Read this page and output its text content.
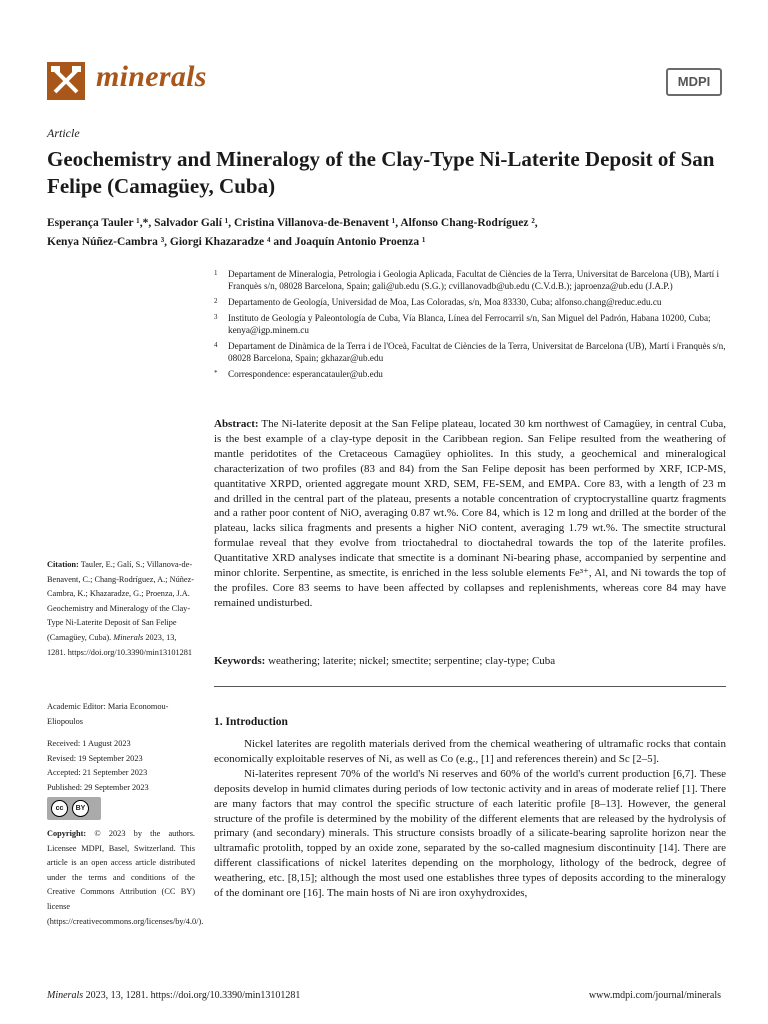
minerals	MDPI
Article
Geochemistry and Mineralogy of the Clay-Type Ni-Laterite Deposit of San Felipe (Camagüey, Cuba)
Esperança Tauler ¹,*, Salvador Galí ¹, Cristina Villanova-de-Benavent ¹, Alfonso Chang-Rodríguez ²,
Kenya Núñez-Cambra ³, Giorgi Khazaradze ⁴ and Joaquín Antonio Proenza ¹
1 Departament de Mineralogia, Petrologia i Geologia Aplicada, Facultat de Ciències de la Terra, Universitat de Barcelona (UB), Martí i Franquès s/n, 08028 Barcelona, Spain; gali@ub.edu (S.G.); cvillanovadb@ub.edu (C.V.d.B.); japroenza@ub.edu (J.A.P.)
2 Departamento de Geología, Universidad de Moa, Las Coloradas, s/n, Moa 83330, Cuba; alfonso.chang@reduc.edu.cu
3 Instituto de Geología y Paleontología de Cuba, Vía Blanca, Línea del Ferrocarril s/n, San Miguel del Padrón, Habana 10200, Cuba; kenya@igp.minem.cu
4 Departament de Dinàmica de la Terra i de l'Oceà, Facultat de Ciències de la Terra, Universitat de Barcelona (UB), Martí i Franquès s/n, 08028 Barcelona, Spain; gkhazar@ub.edu
* Correspondence: esperancatauler@ub.edu
Abstract: The Ni-laterite deposit at the San Felipe plateau, located 30 km northwest of Camagüey, in central Cuba, is the best example of a clay-type deposit in the Caribbean region. San Felipe resulted from the weathering of mantle peridotites of the Cretaceous Camagüey ophiolites. In this study, a geochemical and mineralogical characterization of two profiles (83 and 84) from the San Felipe deposit has been performed by XRF, ICP-MS, quantitative XRPD, oriented aggregate mount XRD, SEM, FE-SEM, and EMPA. Core 83, with a length of 23 m and drilled in the central part of the plateau, presents a notable concentration of cryptocrystalline quartz fragments and a rather poor content of NiO, averaging 0.87 wt.%. Core 84, which is 12 m long and drilled at the border of the plateau, lacks silica fragments and presents a higher NiO content, averaging 1.79 wt.%. The smectite structural formulae reveal that they evolve from trioctahedral to dioctahedral towards the top of the laterite profiles. Quantitative XRD analyses indicate that smectite is a dominant Ni-bearing phase, accompanied by serpentine and minor chlorite. Serpentine, as smectite, is enriched in the less soluble elements Fe³⁺, Al, and Ni towards the top of the profiles. Core 83 seems to have been affected by collapses and replenishments, whereas core 84 may have remained undisturbed.
Keywords: weathering; laterite; nickel; smectite; serpentine; clay-type; Cuba
1. Introduction

Nickel laterites are regolith materials derived from the chemical weathering of ultramafic rocks that contain economically exploitable reserves of Ni, as well as Co (e.g., [1] and references therein) and Sc [2–5].

Ni-laterites represent 70% of the world's Ni reserves and 60% of the world's current production [6,7]. These deposits develop in humid climates during periods of low tectonic activity and in areas of moderate relief [1]. There are many factors that may control the specific structure of each lateritic profile [8–13]. However, the general structure of the profile is determined by the mobility of the different elements that are released by the hydrolysis of primary (and secondary) minerals. This structure consists broadly of a silicate-bearing saprolite horizon near the ultramafic protolith, topped by an oxide zone, separated by the so-called magnesium discontinuity [14]. There are different classifications of nickel laterites depending on the morphology, lithology of the bedrock, degree of weathering, etc. [8,15]; although the most used one establishes three types of deposits according to the mineralogy of the dominant ore [16]. The main hosts of Ni are iron oxyhydroxides,

Citation: Tauler, E.; Galí, S.; Villanova-de-Benavent, C.; Chang-Rodríguez, A.; Núñez-Cambra, K.; Khazaradze, G.; Proenza, J.A. Geochemistry and Mineralogy of the Clay-Type Ni-Laterite Deposit of San Felipe (Camagüey, Cuba). Minerals 2023, 13, 1281. https://doi.org/10.3390/min13101281
Academic Editor: Maria Economou-Eliopoulos
Received: 1 August 2023
Revised: 19 September 2023
Accepted: 21 September 2023
Published: 29 September 2023
cc	BY
Copyright: © 2023 by the authors. Licensee MDPI, Basel, Switzerland. This article is an open access article distributed under the terms and conditions of the Creative Commons Attribution (CC BY) license (https://creativecommons.org/licenses/by/4.0/).
Minerals 2023, 13, 1281. https://doi.org/10.3390/min13101281	www.mdpi.com/journal/minerals
